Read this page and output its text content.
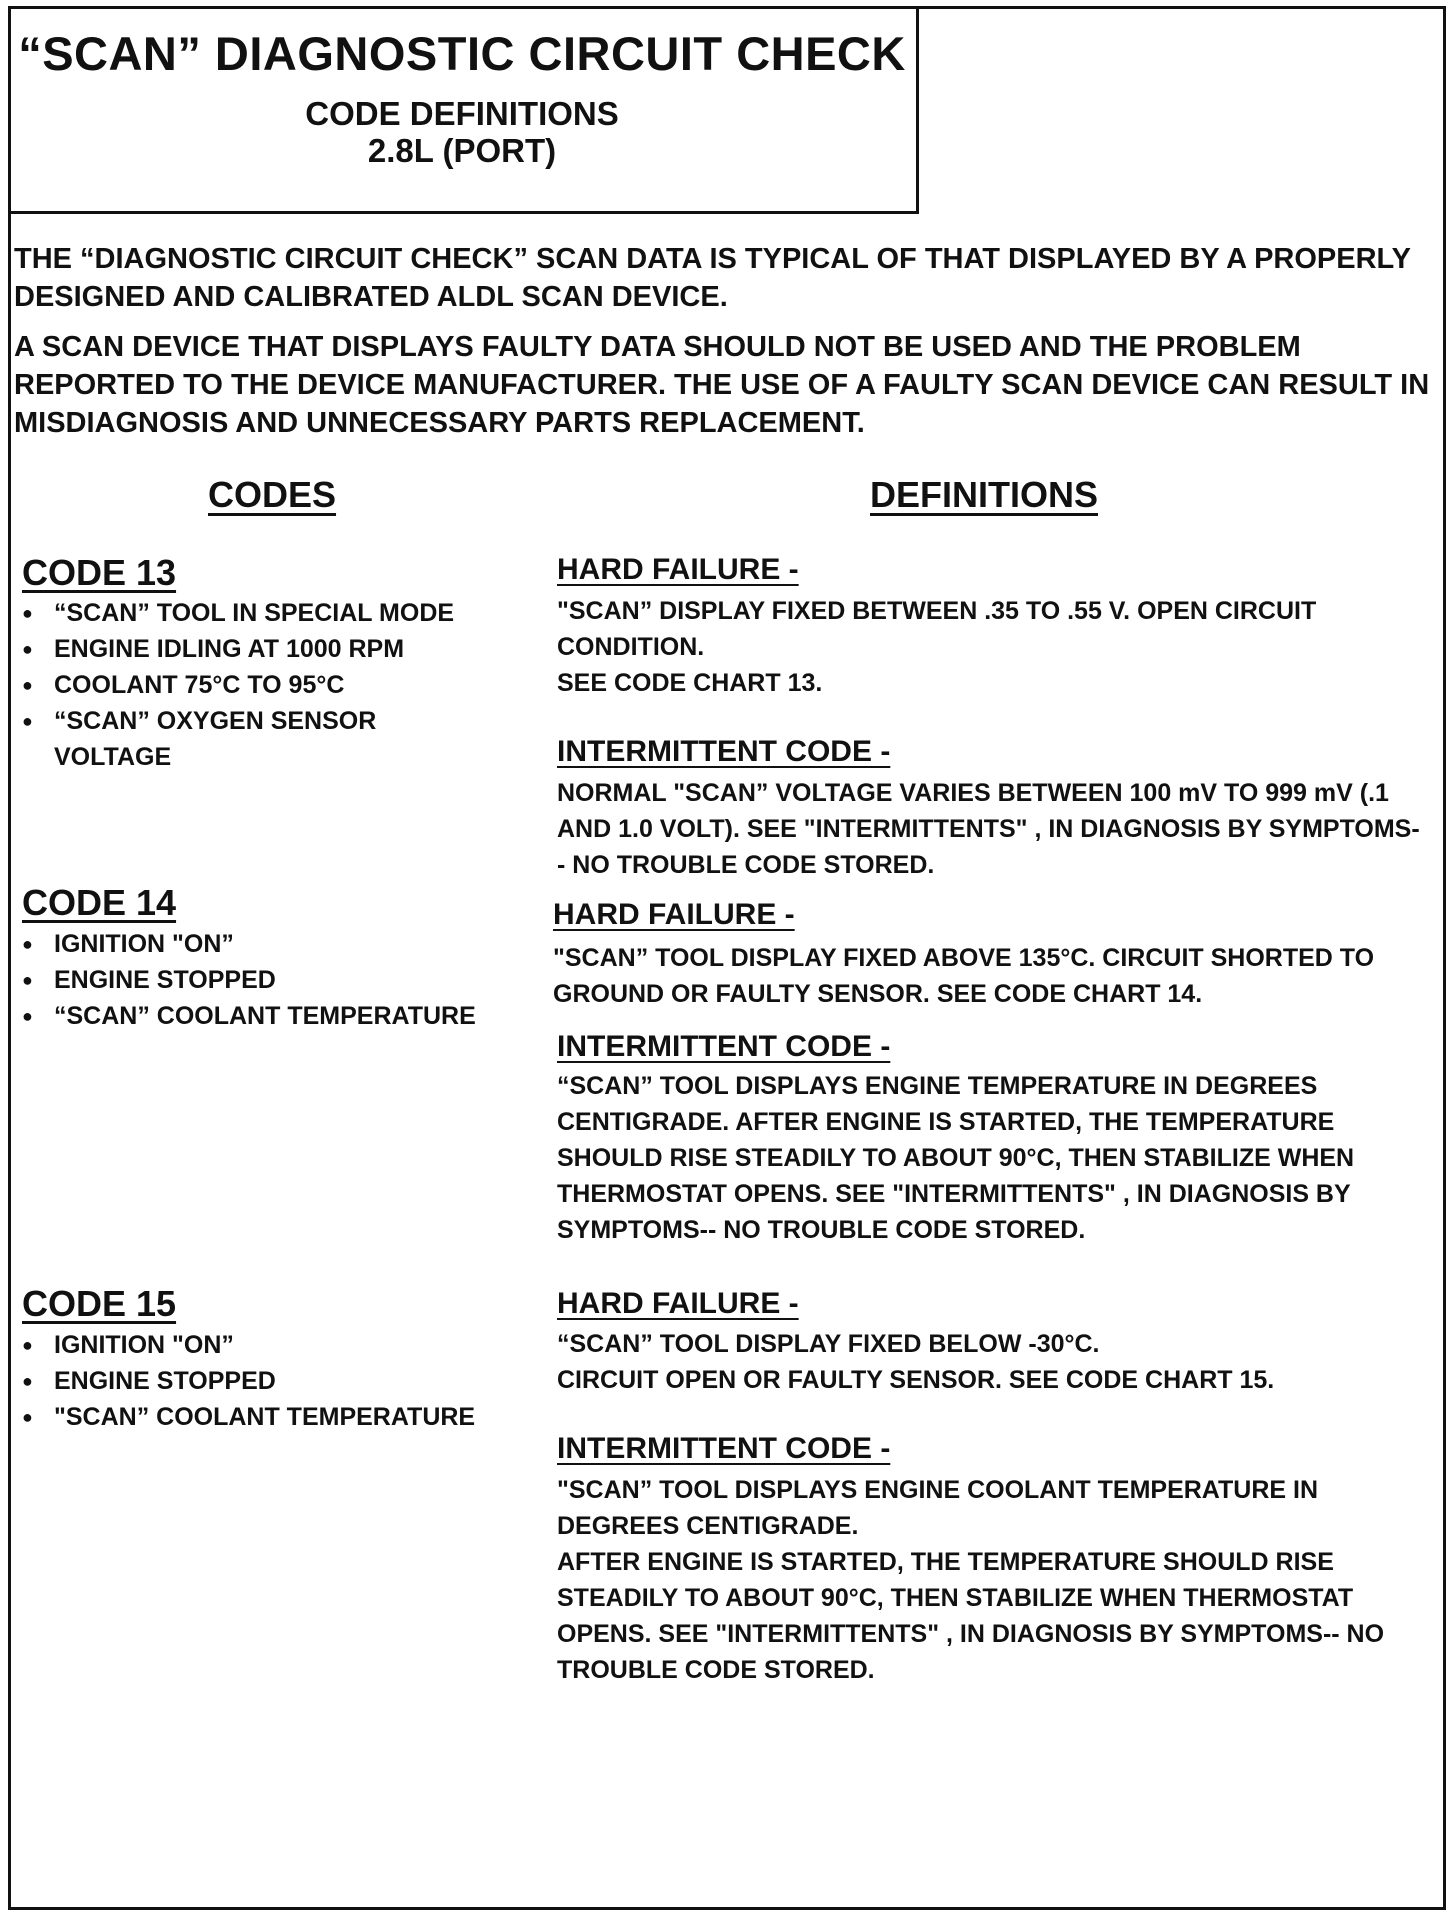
“SCAN” DIAGNOSTIC CIRCUIT CHECK
CODE DEFINITIONS
2.8L (PORT)
THE “DIAGNOSTIC CIRCUIT CHECK” SCAN DATA IS TYPICAL OF THAT DISPLAYED BY A PROPERLY DESIGNED AND CALIBRATED ALDL SCAN DEVICE.
A SCAN DEVICE THAT DISPLAYS FAULTY DATA SHOULD NOT BE USED AND THE PROBLEM REPORTED TO THE DEVICE MANUFACTURER. THE USE OF A FAULTY SCAN DEVICE CAN RESULT IN MISDIAGNOSIS AND UNNECESSARY PARTS REPLACEMENT.
CODES	DEFINITIONS
CODE 13
● “SCAN” TOOL IN SPECIAL MODE
● ENGINE IDLING AT 1000 RPM
● COOLANT 75°C TO 95°C
● “SCAN” OXYGEN SENSOR VOLTAGE
HARD FAILURE -

"SCAN” DISPLAY FIXED BETWEEN .35 TO .55 V. OPEN CIRCUIT CONDITION.

SEE CODE CHART 13.

INTERMITTENT CODE -

NORMAL "SCAN” VOLTAGE VARIES BETWEEN 100 mV TO 999 mV (.1 AND 1.0 VOLT). SEE "INTERMITTENTS" , IN DIAGNOSIS BY SYMPTOMS-- NO TROUBLE CODE STORED.

CODE 14
● IGNITION "ON”
● ENGINE STOPPED
● “SCAN” COOLANT TEMPERATURE
HARD FAILURE -

"SCAN” TOOL DISPLAY FIXED ABOVE 135°C. CIRCUIT SHORTED TO GROUND OR FAULTY SENSOR. SEE CODE CHART 14.

INTERMITTENT CODE -

“SCAN” TOOL DISPLAYS ENGINE TEMPERATURE IN DEGREES CENTIGRADE. AFTER ENGINE IS STARTED, THE TEMPERATURE SHOULD RISE STEADILY TO ABOUT 90°C, THEN STABILIZE WHEN THERMOSTAT OPENS. SEE "INTERMITTENTS" , IN DIAGNOSIS BY SYMPTOMS-- NO TROUBLE CODE STORED.

CODE 15
● IGNITION "ON”
● ENGINE STOPPED
● "SCAN” COOLANT TEMPERATURE
HARD FAILURE -

“SCAN” TOOL DISPLAY FIXED BELOW -30°C.

CIRCUIT OPEN OR FAULTY SENSOR. SEE CODE CHART 15.

INTERMITTENT CODE -

"SCAN” TOOL DISPLAYS ENGINE COOLANT TEMPERATURE IN DEGREES CENTIGRADE.

AFTER ENGINE IS STARTED, THE TEMPERATURE SHOULD RISE STEADILY TO ABOUT 90°C, THEN STABILIZE WHEN THERMOSTAT OPENS. SEE "INTERMITTENTS" , IN DIAGNOSIS BY SYMPTOMS-- NO TROUBLE CODE STORED.
